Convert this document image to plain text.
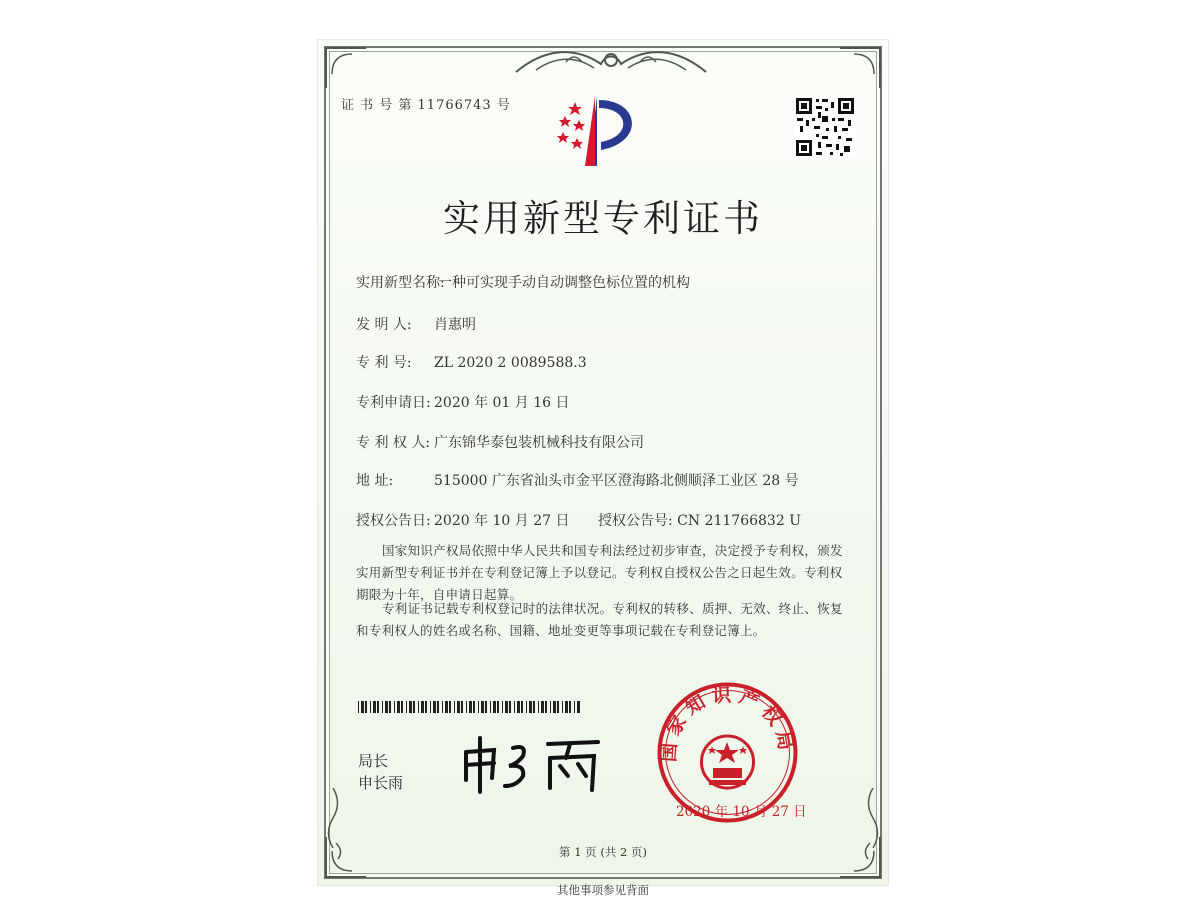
证 书 号 第 11766743 号
实用新型专利证书
实用新型名称:一种可实现手动自动调整色标位置的机构
发 明 人: 肖惠明
专 利 号: ZL 2020 2 0089588.3
专利申请日: 2020 年 01 月 16 日
专 利 权 人: 广东锦华泰包装机械科技有限公司
地 址:	515000 广东省汕头市金平区澄海路北侧顺泽工业区 28 号
授权公告日: 2020 年 10 月 27 日 授权公告号: CN 211766832 U
国家知识产权局依照中华人民共和国专利法经过初步审查，决定授予专利权，颁发实用新型专利证书并在专利登记簿上予以登记。专利权自授权公告之日起生效。专利权期限为十年，自申请日起算。
专利证书记载专利权登记时的法律状况。专利权的转移、质押、无效、终止、恢复和专利权人的姓名或名称、国籍、地址变更等事项记载在专利登记簿上。
局长
申长雨
国家知识产权局
2020 年 10 月 27 日
第 1 页 (共 2 页)
其他事项参见背面
